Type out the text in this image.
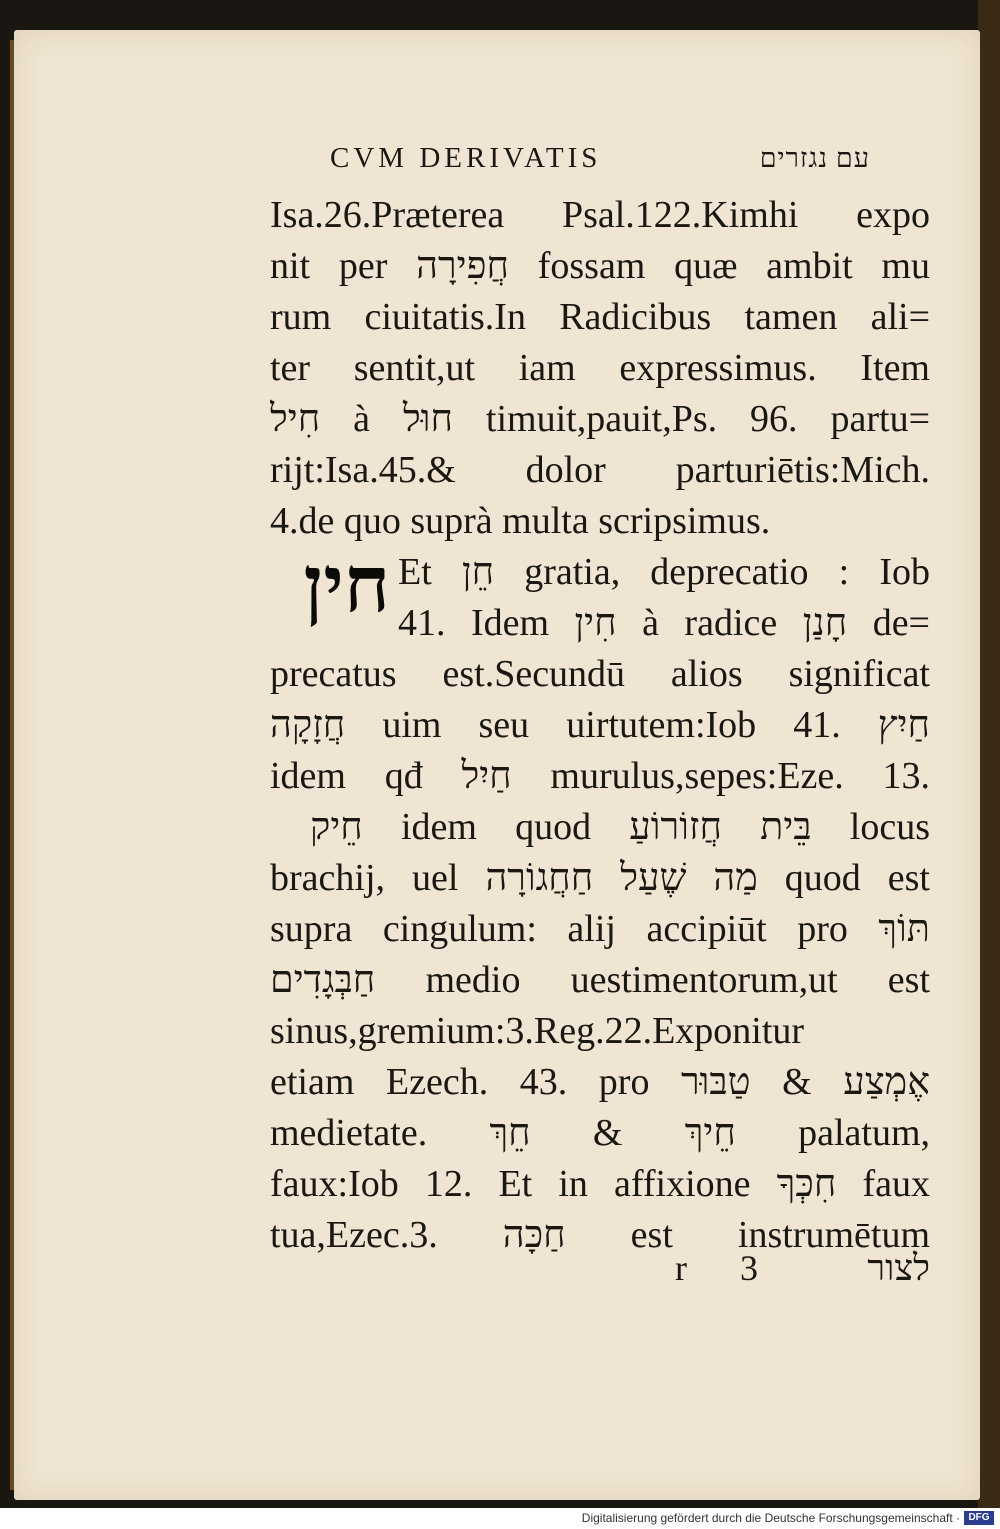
CVM DERIVATIS	עם נגזרים
חין
Isa.26.Præterea Psal.122.Kimhi expo
nit per חֲפִירָה fossam quæ ambit mu
rum ciuitatis.In Radicibus tamen ali=
ter sentit,ut iam expressimus. Item
חִיל à חוּל timuit,pauit,Ps. 96. partu=
rijt:Isa.45.& dolor parturiētis:Mich.
4.de quo suprà multa scripsimus.
Et חֵן gratia, deprecatio : Iob
41. Idem חִין à radice חָנַן de=
precatus est.Secundū alios significat
חֲזָקָה uim seu uirtutem:Iob 41. חַיִץ
idem qđ חַיִל murulus,sepes:Eze. 13.
חֵיק idem quod בֵּית חֲזוֹרוֹעַ locus
brachij, uel מַה שֶׁעַל חַחֲגוֹרָה quod est
supra cingulum: alij accipiūt pro תּוֹךְ
חַבְּגָדִים medio uestimentorum,ut est
sinus,gremium:3.Reg.22.Exponitur
etiam Ezech. 43. pro אֶמְצַע & טַבּוּר
medietate. חֵיךְ & חֵךְ palatum,
faux:Iob 12. Et in affixione חִכְּךָ faux
tua,Ezec.3. חַכָּה est instrumētum
r 3	לצור
Digitalisierung gefördert durch die Deutsche Forschungsgemeinschaft · DFG
